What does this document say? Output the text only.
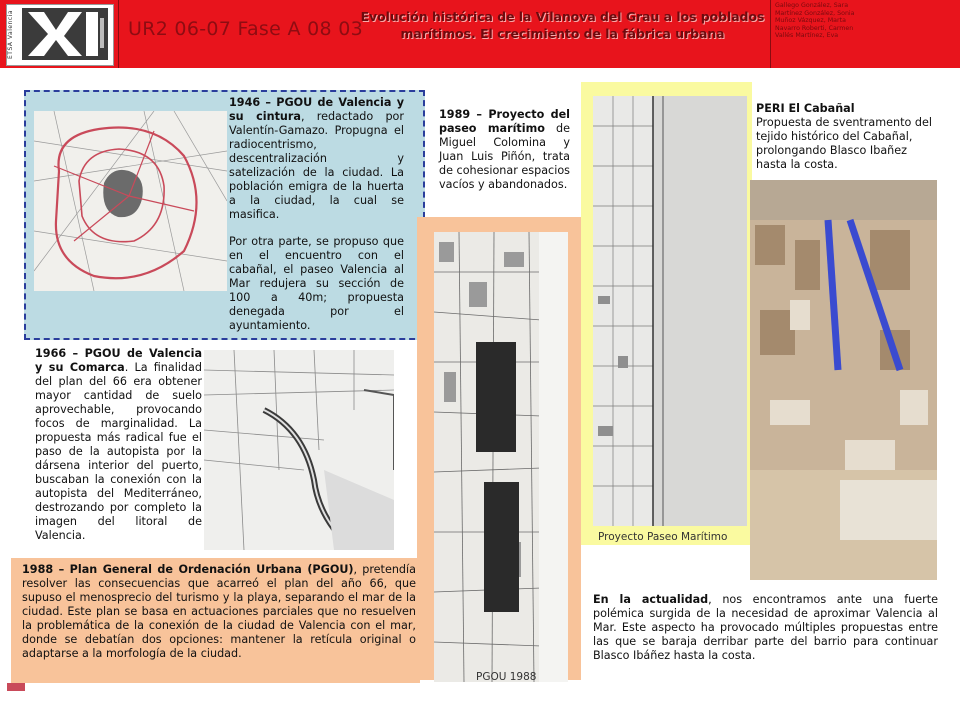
ETSA Valencia	UR2 06-07 Fase A 08 03
Evolución histórica de la Vilanova del Grau a los poblados marítimos. El crecimiento de la fábrica urbana
Gallego González, Sara
Martínez González, Sonia
Muñoz Vázquez, Marta
Navarro Roberti, Carmen
Vallés Martínez, Eva
1946 – PGOU de Valencia y su cintura, redactado por Valentín-Gamazo. Propugna el radiocentrismo, descentralización y satelización de la ciudad. La población emigra de la huerta a la ciudad, la cual se masifica.
Por otra parte, se propuso que en el encuentro con el cabañal, el paseo Valencia al Mar redujera su sección de 100 a 40m; propuesta denegada por el ayuntamiento.
1966 – PGOU de Valencia y su Comarca. La finalidad del plan del 66 era obtener mayor cantidad de suelo aprovechable, provocando focos de marginalidad. La propuesta más radical fue el paso de la autopista por la dársena interior del puerto, buscaban la conexión con la autopista del Mediterráneo, destrozando por completo la imagen del litoral de Valencia.
1989 – Proyecto del paseo marítimo de Miguel Colomina y Juan Luis Piñón, trata de cohesionar espacios vacíos y abandonados.
Proyecto Paseo Marítimo
PERI El Cabañal
Propuesta de sventramento del tejido histórico del Cabañal, prolongando Blasco Ibañez hasta la costa.
1988 – Plan General de Ordenación Urbana (PGOU), pretendía resolver las consecuencias que acarreó el plan del año 66, que supuso el menosprecio del turismo y la playa, separando el mar de la ciudad. Este plan se basa en actuaciones parciales que no resuelven la problemática de la conexión de la ciudad de Valencia con el mar, donde se debatían dos opciones: mantener la retícula original o adaptarse a la morfología de la ciudad.
PGOU 1988
En la actualidad, nos encontramos ante una fuerte polémica surgida de la necesidad de aproximar Valencia al Mar. Este aspecto ha provocado múltiples propuestas entre las que se baraja derribar parte del barrio para continuar Blasco Ibáñez hasta la costa.
